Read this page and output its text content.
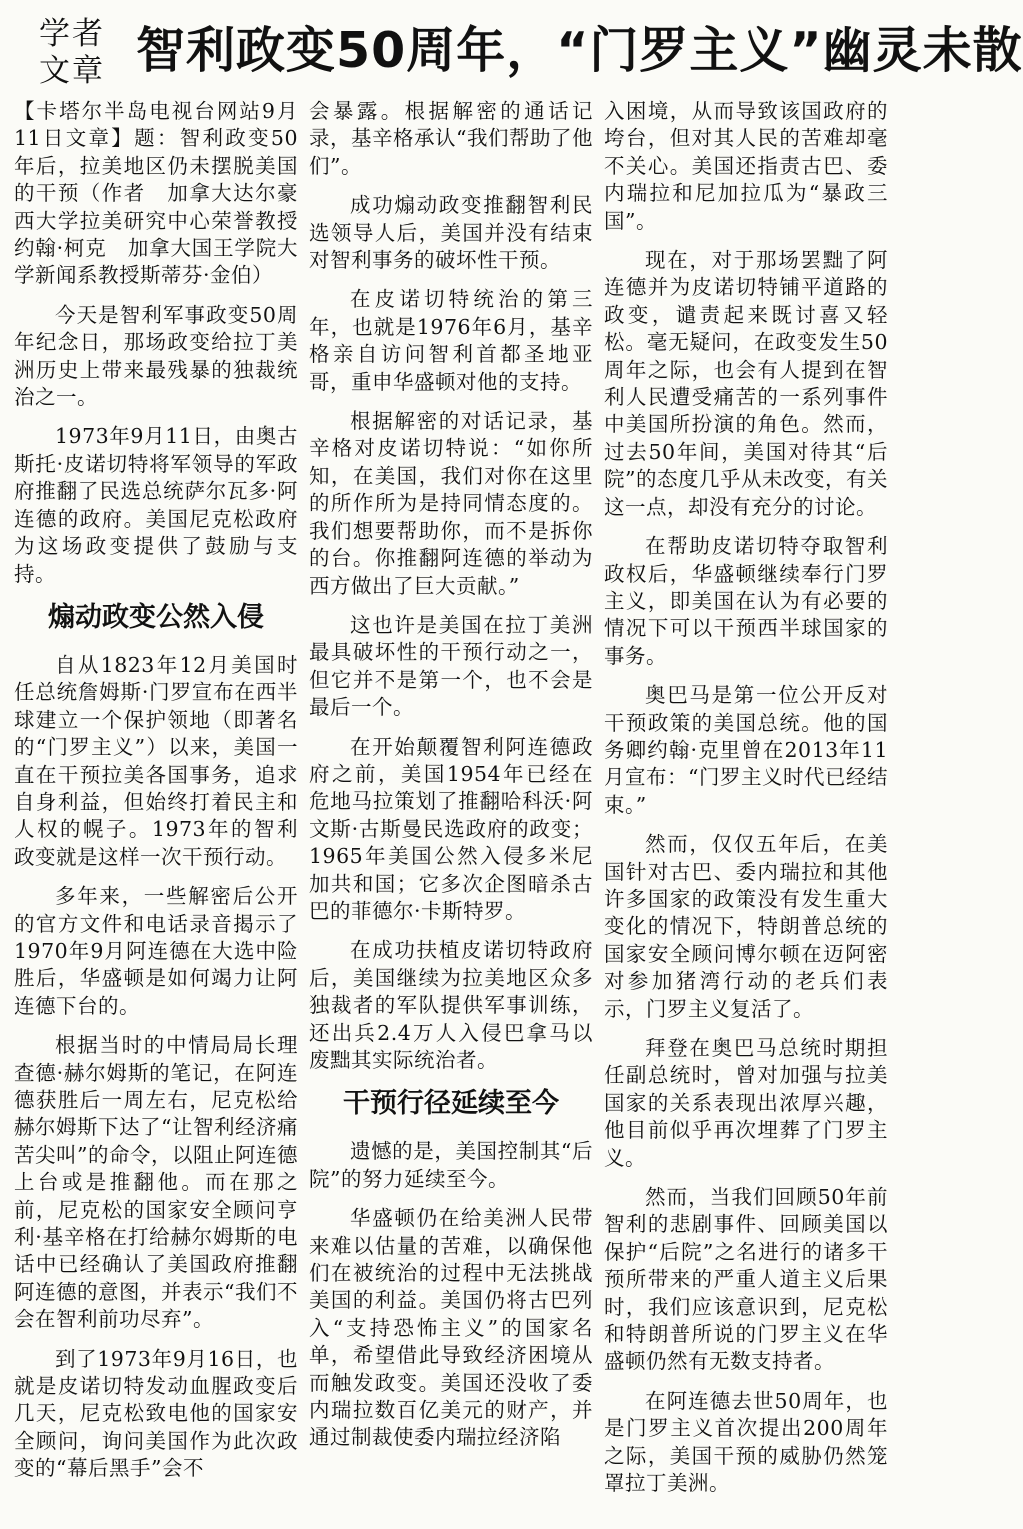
学者
文章 智利政变50周年，“门罗主义”幽灵未散

【卡塔尔半岛电视台网站9月11日文章】题：智利政变50年后，拉美地区仍未摆脱美国的干预（作者　加拿大达尔豪西大学拉美研究中心荣誉教授约翰·柯克　加拿大国王学院大学新闻系教授斯蒂芬·金伯）

今天是智利军事政变50周年纪念日，那场政变给拉丁美洲历史上带来最残暴的独裁统治之一。

1973年9月11日，由奥古斯托·皮诺切特将军领导的军政府推翻了民选总统萨尔瓦多·阿连德的政府。美国尼克松政府为这场政变提供了鼓励与支持。

煽动政变公然入侵

自从1823年12月美国时任总统詹姆斯·门罗宣布在西半球建立一个保护领地（即著名的“门罗主义”）以来，美国一直在干预拉美各国事务，追求自身利益，但始终打着民主和人权的幌子。1973年的智利政变就是这样一次干预行动。

多年来，一些解密后公开的官方文件和电话录音揭示了1970年9月阿连德在大选中险胜后，华盛顿是如何竭力让阿连德下台的。

根据当时的中情局局长理查德·赫尔姆斯的笔记，在阿连德获胜后一周左右，尼克松给赫尔姆斯下达了“让智利经济痛苦尖叫”的命令，以阻止阿连德上台或是推翻他。而在那之前，尼克松的国家安全顾问亨利·基辛格在打给赫尔姆斯的电话中已经确认了美国政府推翻阿连德的意图，并表示“我们不会在智利前功尽弃”。

到了1973年9月16日，也就是皮诺切特发动血腥政变后几天，尼克松致电他的国家安全顾问，询问美国作为此次政变的“幕后黑手”会不

会暴露。根据解密的通话记录，基辛格承认“我们帮助了他们”。

成功煽动政变推翻智利民选领导人后，美国并没有结束对智利事务的破坏性干预。

在皮诺切特统治的第三年，也就是1976年6月，基辛格亲自访问智利首都圣地亚哥，重申华盛顿对他的支持。

根据解密的对话记录，基辛格对皮诺切特说：“如你所知，在美国，我们对你在这里的所作所为是持同情态度的。我们想要帮助你，而不是拆你的台。你推翻阿连德的举动为西方做出了巨大贡献。”

这也许是美国在拉丁美洲最具破坏性的干预行动之一，但它并不是第一个，也不会是最后一个。

在开始颠覆智利阿连德政府之前，美国1954年已经在危地马拉策划了推翻哈科沃·阿文斯·古斯曼民选政府的政变；1965年美国公然入侵多米尼加共和国；它多次企图暗杀古巴的菲德尔·卡斯特罗。

在成功扶植皮诺切特政府后，美国继续为拉美地区众多独裁者的军队提供军事训练，还出兵2.4万人入侵巴拿马以废黜其实际统治者。

干预行径延续至今

遗憾的是，美国控制其“后院”的努力延续至今。

华盛顿仍在给美洲人民带来难以估量的苦难，以确保他们在被统治的过程中无法挑战美国的利益。美国仍将古巴列入“支持恐怖主义”的国家名单，希望借此导致经济困境从而触发政变。美国还没收了委内瑞拉数百亿美元的财产，并通过制裁使委内瑞拉经济陷

入困境，从而导致该国政府的垮台，但对其人民的苦难却毫不关心。美国还指责古巴、委内瑞拉和尼加拉瓜为“暴政三国”。

现在，对于那场罢黜了阿连德并为皮诺切特铺平道路的政变，谴责起来既讨喜又轻松。毫无疑问，在政变发生50周年之际，也会有人提到在智利人民遭受痛苦的一系列事件中美国所扮演的角色。然而，过去50年间，美国对待其“后院”的态度几乎从未改变，有关这一点，却没有充分的讨论。

在帮助皮诺切特夺取智利政权后，华盛顿继续奉行门罗主义，即美国在认为有必要的情况下可以干预西半球国家的事务。

奥巴马是第一位公开反对干预政策的美国总统。他的国务卿约翰·克里曾在2013年11月宣布：“门罗主义时代已经结束。”

然而，仅仅五年后，在美国针对古巴、委内瑞拉和其他许多国家的政策没有发生重大变化的情况下，特朗普总统的国家安全顾问博尔顿在迈阿密对参加猪湾行动的老兵们表示，门罗主义复活了。

拜登在奥巴马总统时期担任副总统时，曾对加强与拉美国家的关系表现出浓厚兴趣，他目前似乎再次埋葬了门罗主义。

然而，当我们回顾50年前智利的悲剧事件、回顾美国以保护“后院”之名进行的诸多干预所带来的严重人道主义后果时，我们应该意识到，尼克松和特朗普所说的门罗主义在华盛顿仍然有无数支持者。

在阿连德去世50周年，也是门罗主义首次提出200周年之际，美国干预的威胁仍然笼罩拉丁美洲。
